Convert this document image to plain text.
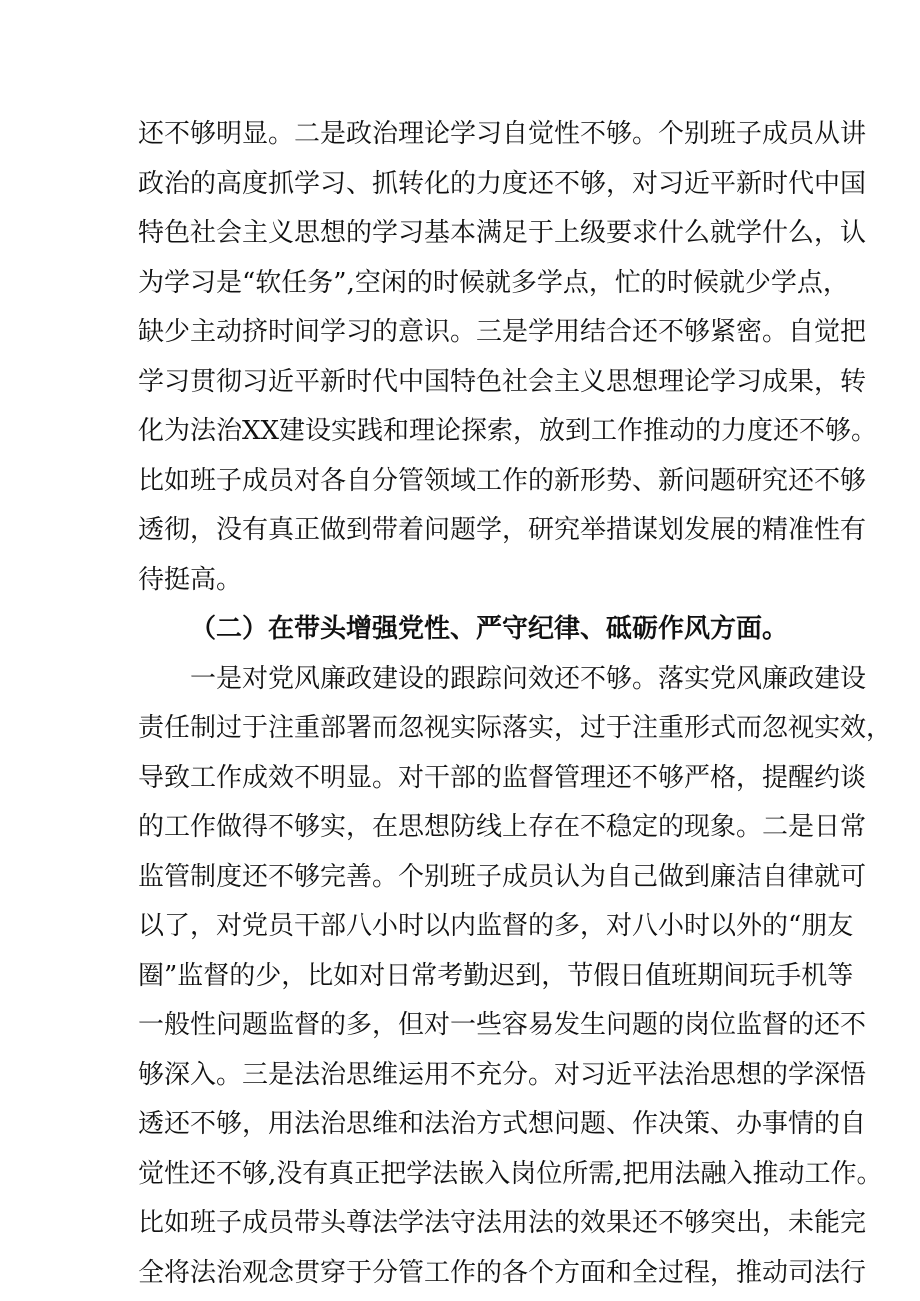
还不够明显。二是政治理论学习自觉性不够。个别班子成员从讲
政治的高度抓学习、抓转化的力度还不够，对习近平新时代中国
特色社会主义思想的学习基本满足于上级要求什么就学什么，认
为学习是“软任务”,空闲的时候就多学点，忙的时候就少学点，
缺少主动挤时间学习的意识。三是学用结合还不够紧密。自觉把
学习贯彻习近平新时代中国特色社会主义思想理论学习成果，转
化为法治XX建设实践和理论探索，放到工作推动的力度还不够。
比如班子成员对各自分管领域工作的新形势、新问题研究还不够
透彻，没有真正做到带着问题学，研究举措谋划发展的精准性有
待挺高。
（二）在带头增强党性、严守纪律、砥砺作风方面。
一是对党风廉政建设的跟踪问效还不够。落实党风廉政建设
责任制过于注重部署而忽视实际落实，过于注重形式而忽视实效，
导致工作成效不明显。对干部的监督管理还不够严格，提醒约谈
的工作做得不够实，在思想防线上存在不稳定的现象。二是日常
监管制度还不够完善。个别班子成员认为自己做到廉洁自律就可
以了，对党员干部八小时以内监督的多，对八小时以外的“朋友
圈”监督的少，比如对日常考勤迟到，节假日值班期间玩手机等
一般性问题监督的多，但对一些容易发生问题的岗位监督的还不
够深入。三是法治思维运用不充分。对习近平法治思想的学深悟
透还不够，用法治思维和法治方式想问题、作决策、办事情的自
觉性还不够,没有真正把学法嵌入岗位所需,把用法融入推动工作。
比如班子成员带头尊法学法守法用法的效果还不够突出，未能完
全将法治观念贯穿于分管工作的各个方面和全过程，推动司法行
